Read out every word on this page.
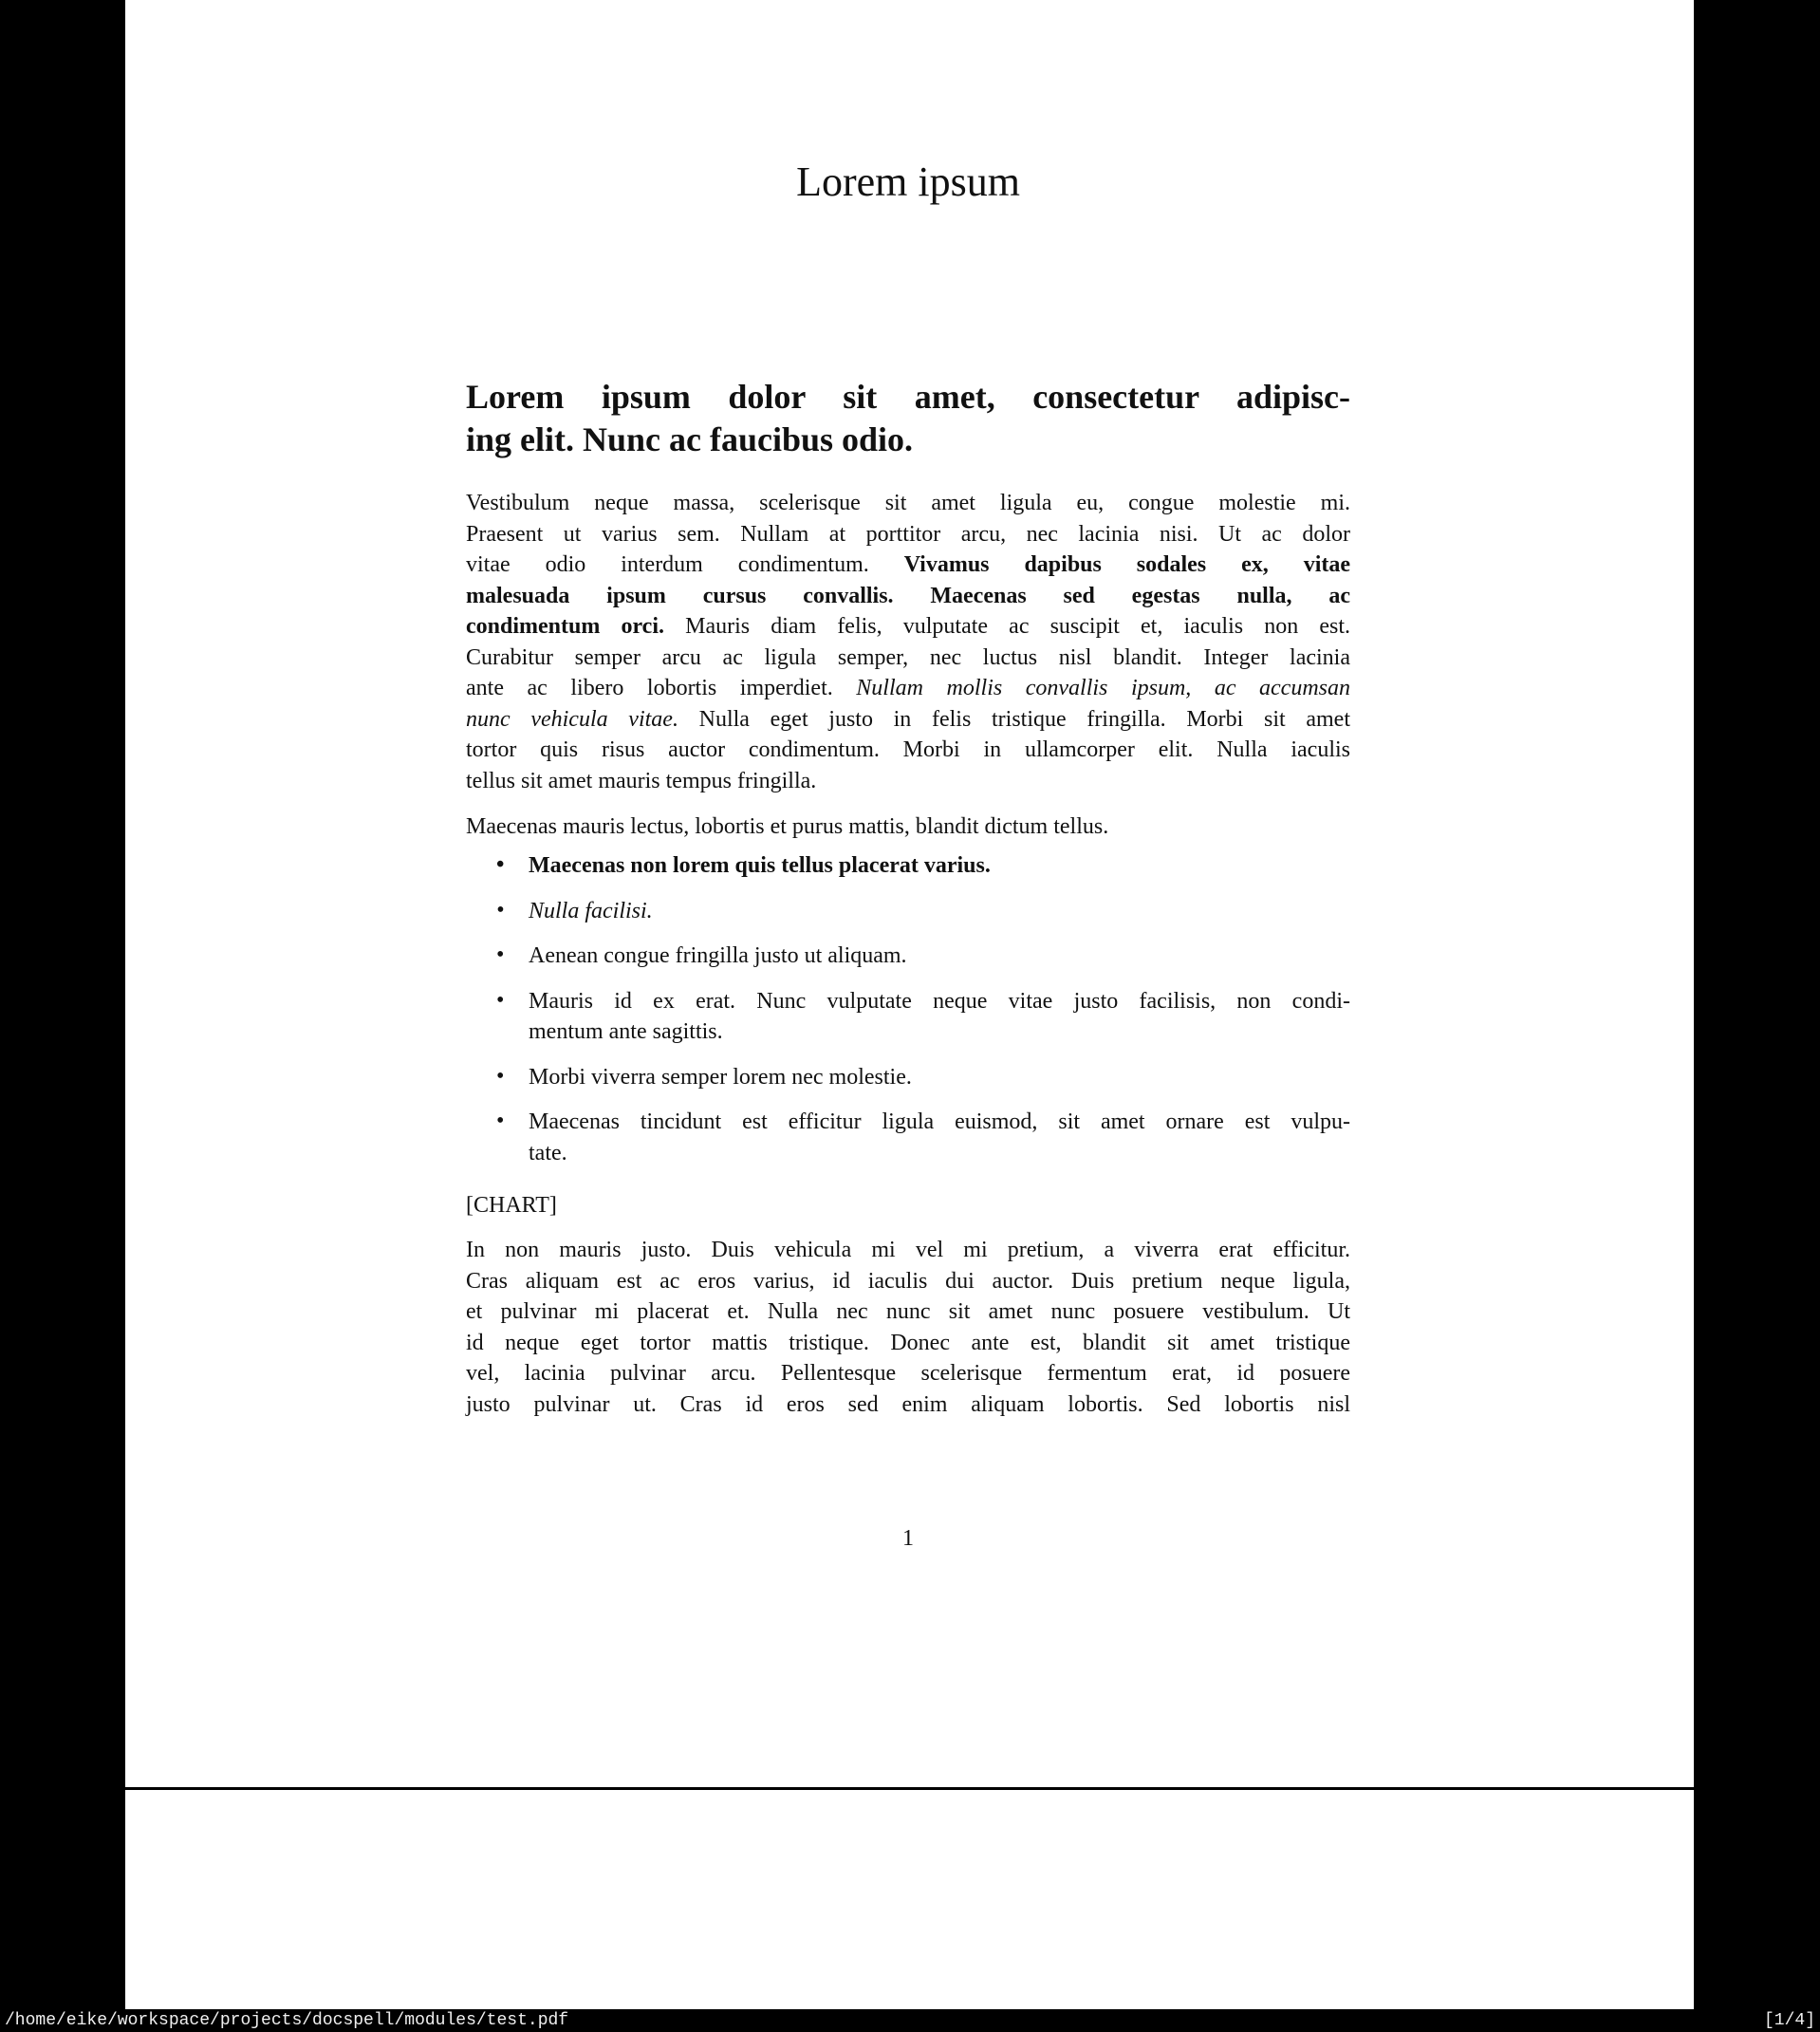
Lorem ipsum
Lorem ipsum dolor sit amet, consectetur adipisc-
ing elit. Nunc ac faucibus odio.
Vestibulum neque massa, scelerisque sit amet ligula eu, congue molestie mi.
Praesent ut varius sem. Nullam at porttitor arcu, nec lacinia nisi. Ut ac dolor
vitae odio interdum condimentum. Vivamus dapibus sodales ex, vitae
malesuada ipsum cursus convallis. Maecenas sed egestas nulla, ac
condimentum orci. Mauris diam felis, vulputate ac suscipit et, iaculis non est.
Curabitur semper arcu ac ligula semper, nec luctus nisl blandit. Integer lacinia
ante ac libero lobortis imperdiet. Nullam mollis convallis ipsum, ac accumsan
nunc vehicula vitae. Nulla eget justo in felis tristique fringilla. Morbi sit amet
tortor quis risus auctor condimentum. Morbi in ullamcorper elit. Nulla iaculis
tellus sit amet mauris tempus fringilla.
Maecenas mauris lectus, lobortis et purus mattis, blandit dictum tellus.
• Maecenas non lorem quis tellus placerat varius.
• Nulla facilisi.
• Aenean congue fringilla justo ut aliquam.
• Mauris id ex erat. Nunc vulputate neque vitae justo facilisis, non condi-
mentum ante sagittis.
• Morbi viverra semper lorem nec molestie.
• Maecenas tincidunt est efficitur ligula euismod, sit amet ornare est vulpu-
tate.
[CHART]
In non mauris justo. Duis vehicula mi vel mi pretium, a viverra erat efficitur.
Cras aliquam est ac eros varius, id iaculis dui auctor. Duis pretium neque ligula,
et pulvinar mi placerat et. Nulla nec nunc sit amet nunc posuere vestibulum. Ut
id neque eget tortor mattis tristique. Donec ante est, blandit sit amet tristique
vel, lacinia pulvinar arcu. Pellentesque scelerisque fermentum erat, id posuere
justo pulvinar ut. Cras id eros sed enim aliquam lobortis. Sed lobortis nisl
1
/home/eike/workspace/projects/docspell/modules/test.pdf	[1/4]
